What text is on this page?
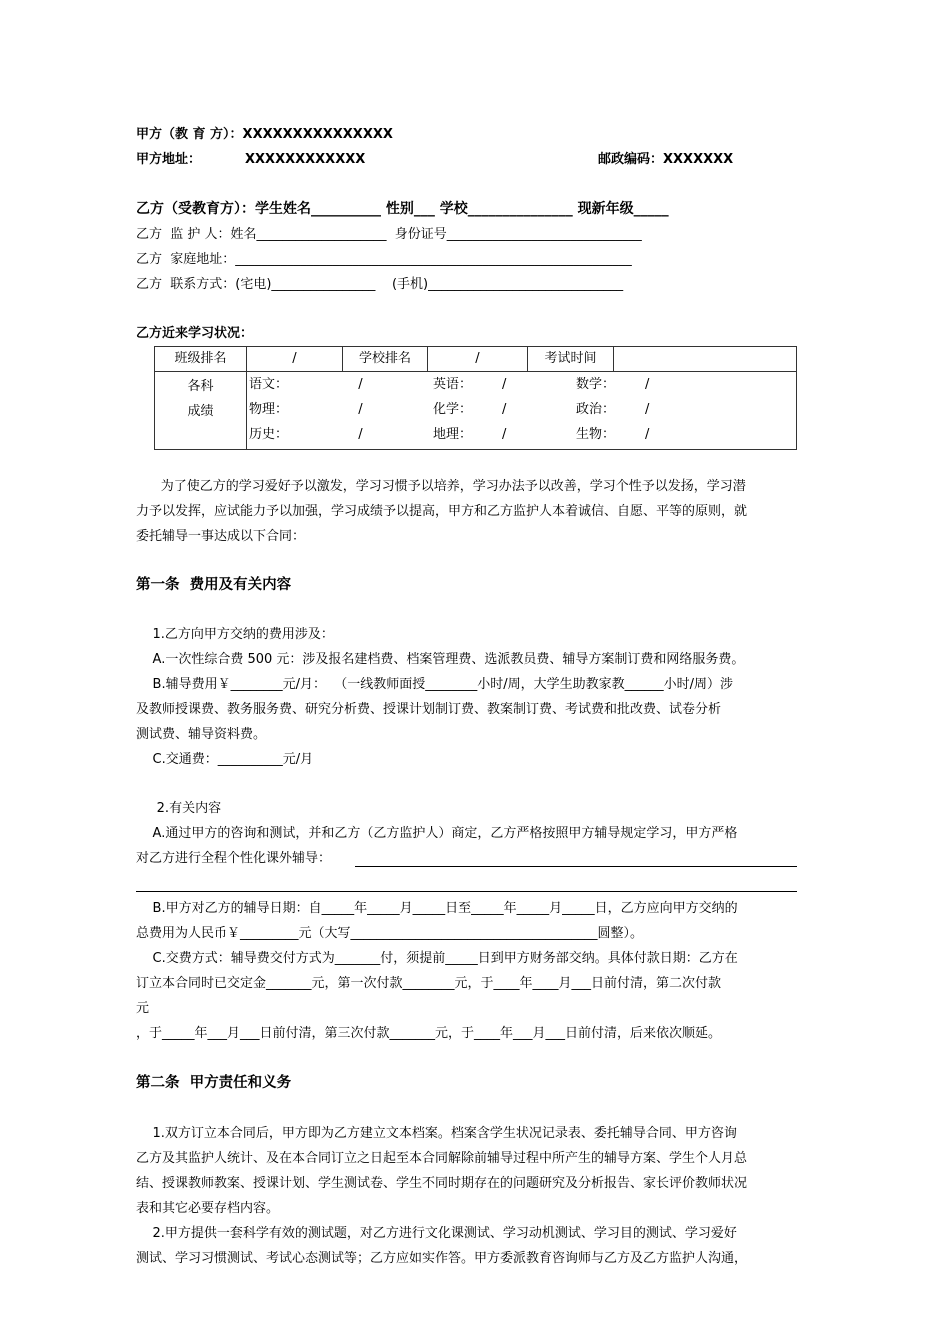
甲方（教 育 方）：XXXXXXXXXXXXXXX
甲方地址：	XXXXXXXXXXXX	邮政编码：XXXXXXX
乙方（受教育方）：学生姓名__________ 性别___ 学校_______________ 现新年级_____
乙方  监 护 人：姓名____________________  身份证号______________________________
乙方  家庭地址：_____________________________________________________________
乙方  联系方式：(宅电)________________    (手机)______________________________
乙方近来学习状况：
班级排名	/	学校排名	/	考试时间
各科
成绩
语文：	/	英语：	/	数学：	/
物理：	/	化学：	/	政治：	/
历史：	/	地理：	/	生物：	/
为了使乙方的学习爱好予以激发，学习习惯予以培养，学习办法予以改善，学习个性予以发扬，学习潜
力予以发挥，应试能力予以加强，学习成绩予以提高，甲方和乙方监护人本着诚信、自愿、平等的原则，就
委托辅导一事达成以下合同：
第一条  费用及有关内容
1.乙方向甲方交纳的费用涉及：
A.一次性综合费 500 元：涉及报名建档费、档案管理费、选派教员费、辅导方案制订费和网络服务费。
B.辅导费用￥________元/月：  （一线教师面授________小时/周，大学生助教家教______小时/周）涉
及教师授课费、教务服务费、研究分析费、授课计划制订费、教案制订费、考试费和批改费、试卷分析
测试费、辅导资料费。
C.交通费：__________元/月
2.有关内容
A.通过甲方的咨询和测试，并和乙方（乙方监护人）商定，乙方严格按照甲方辅导规定学习，甲方严格
对乙方进行全程个性化课外辅导：
B.甲方对乙方的辅导日期：自_____年_____月_____日至_____年_____月_____日，乙方应向甲方交纳的
总费用为人民币￥_________元（大写______________________________________圆整）。
C.交费方式：辅导费交付方式为_______付，须提前_____日到甲方财务部交纳。具体付款日期：乙方在
订立本合同时已交定金_______元，第一次付款________元，于____年____月___日前付清，第二次付款
元
，于_____年___月___日前付清，第三次付款_______元，于____年___月___日前付清，后来依次顺延。
第二条  甲方责任和义务
1.双方订立本合同后，甲方即为乙方建立文本档案。档案含学生状况记录表、委托辅导合同、甲方咨询
乙方及其监护人统计、及在本合同订立之日起至本合同解除前辅导过程中所产生的辅导方案、学生个人月总
结、授课教师教案、授课计划、学生测试卷、学生不同时期存在的问题研究及分析报告、家长评价教师状况
表和其它必要存档内容。
2.甲方提供一套科学有效的测试题，对乙方进行文化课测试、学习动机测试、学习目的测试、学习爱好
测试、学习习惯测试、考试心态测试等；乙方应如实作答。甲方委派教育咨询师与乙方及乙方监护人沟通，
